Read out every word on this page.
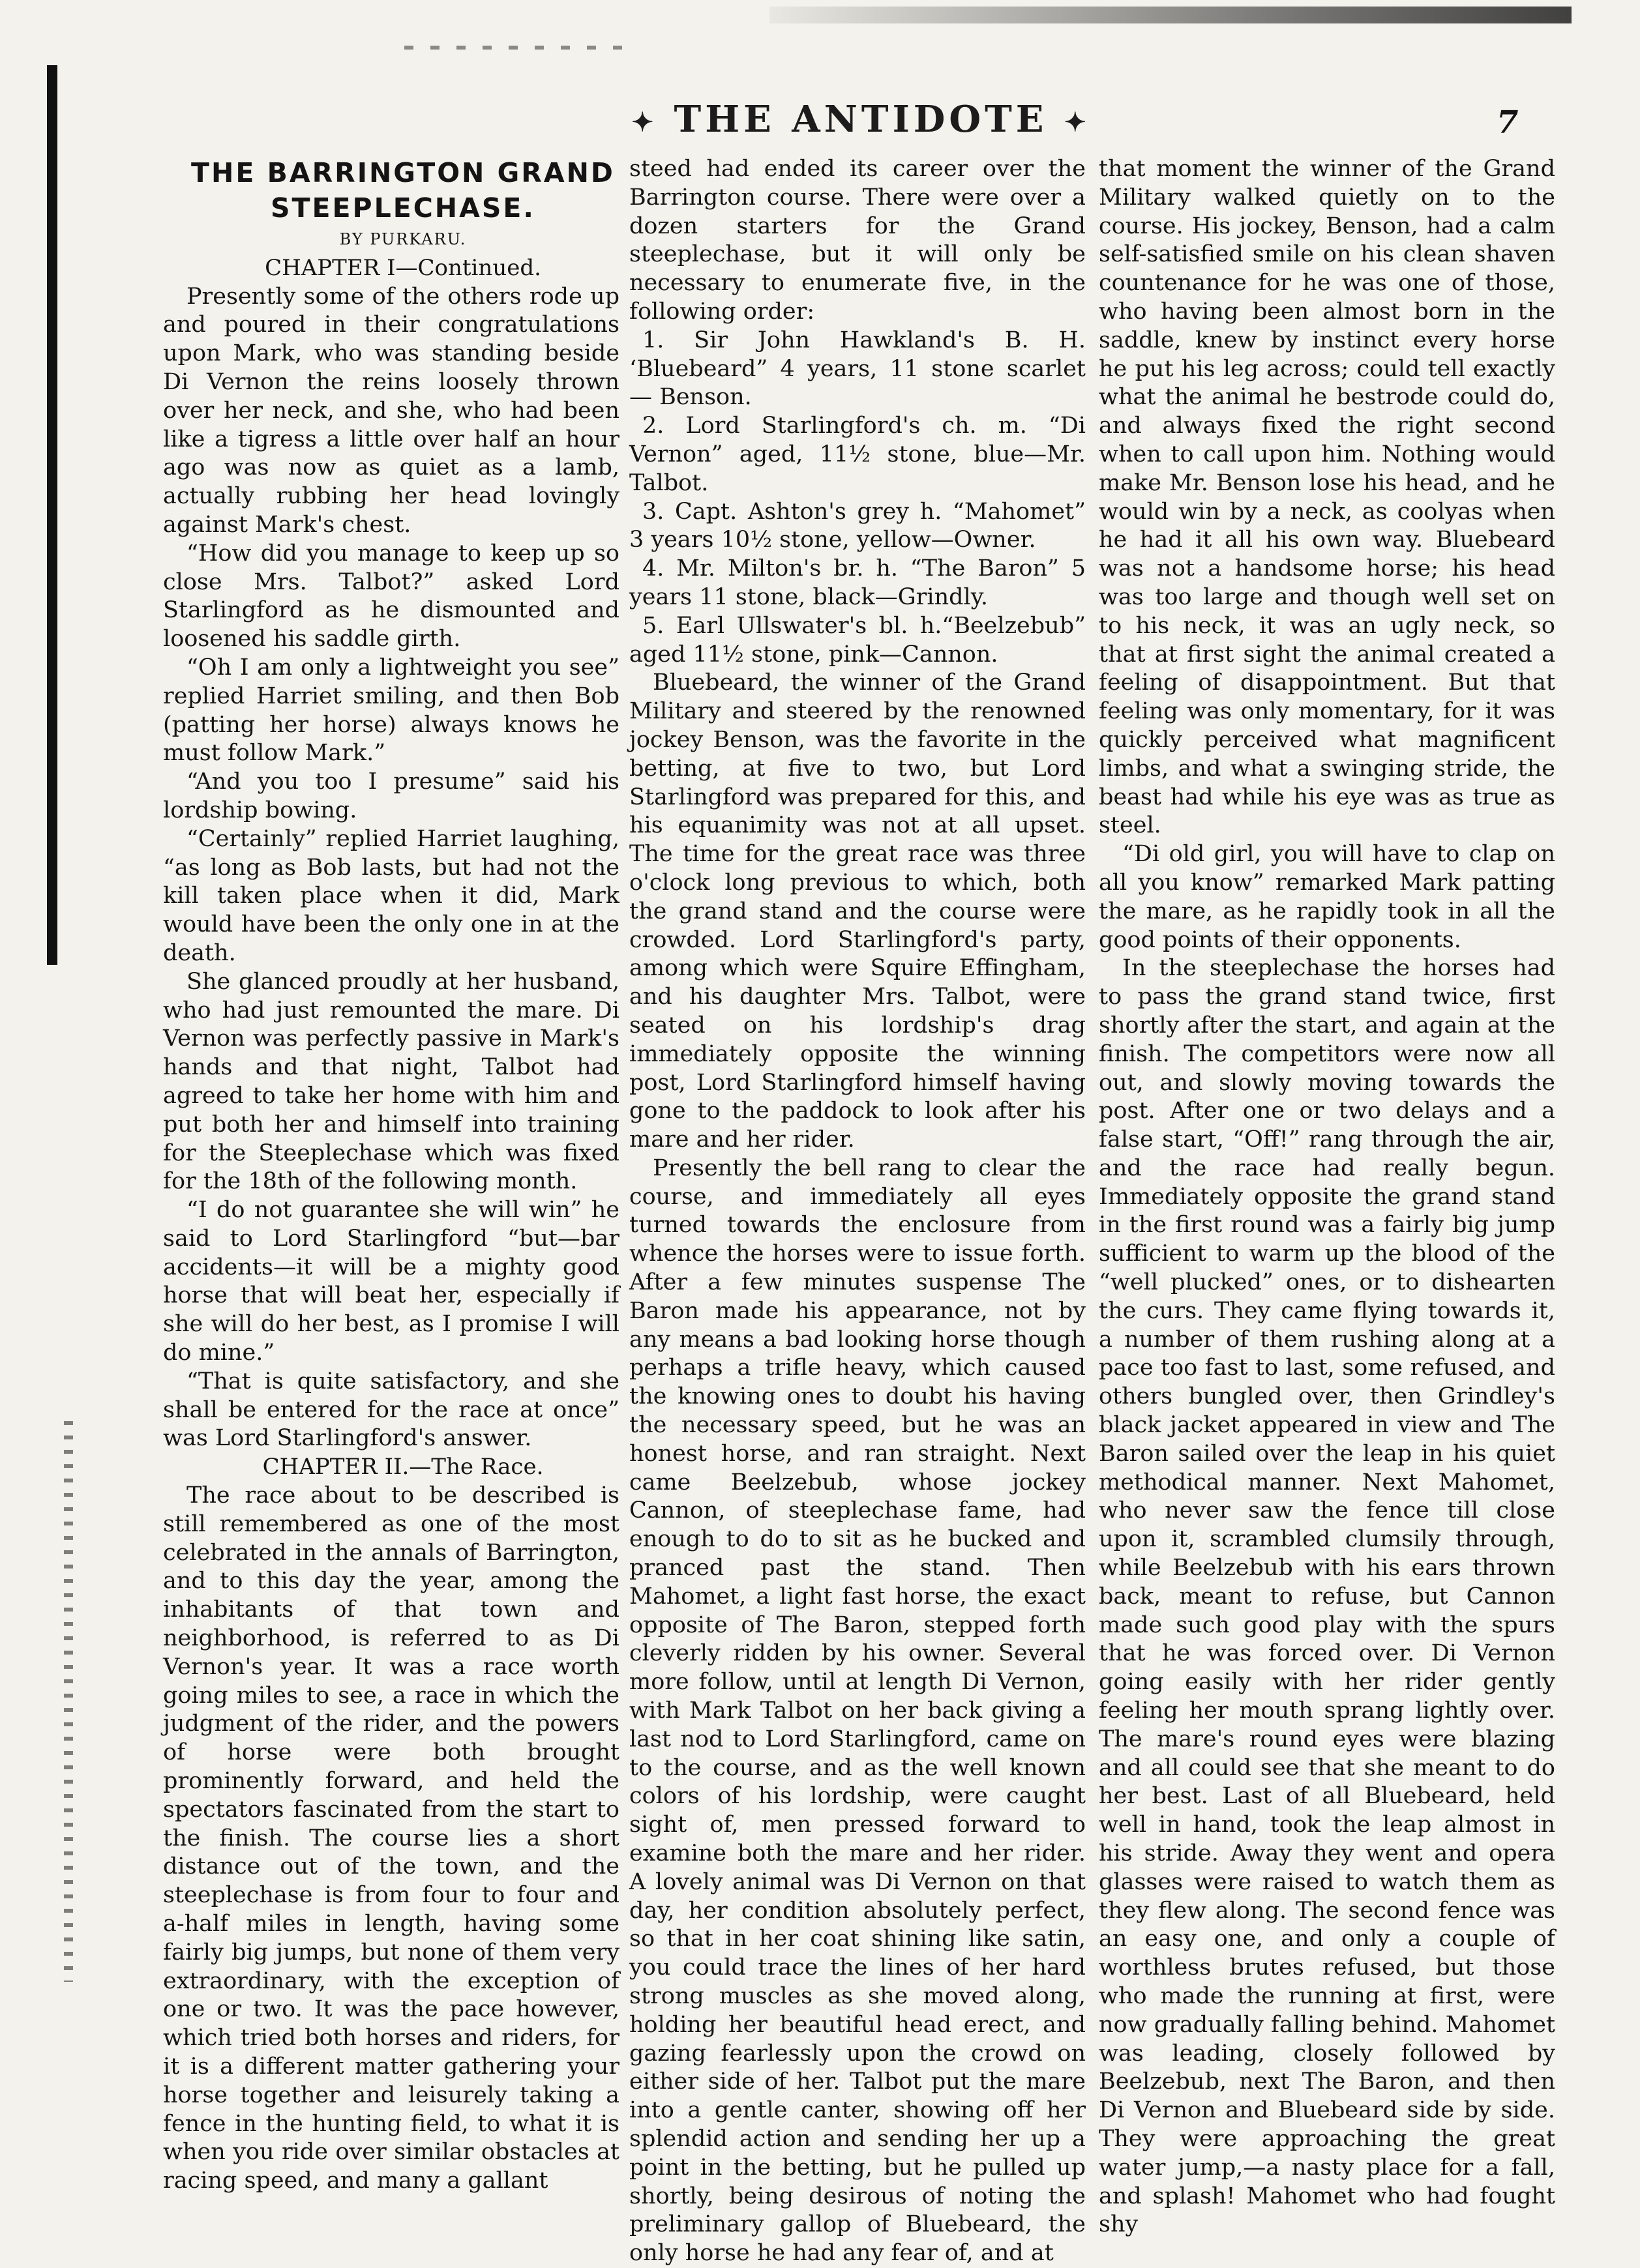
✦ THE ANTIDOTE ✦	7

THE BARRINGTON GRAND

STEEPLECHASE.

BY PURKARU.

CHAPTER I—Continued.

Presently some of the others rode up and poured in their congratulations upon Mark, who was standing beside Di Vernon the reins loosely thrown over her neck, and she, who had been like a tigress a little over half an hour ago was now as quiet as a lamb, actually rubbing her head lovingly against Mark's chest.

“How did you manage to keep up so close Mrs. Talbot?” asked Lord Starlingford as he dismounted and loosened his saddle girth.

“Oh I am only a lightweight you see” replied Harriet smiling, and then Bob (patting her horse) always knows he must follow Mark.”

“And you too I presume” said his lordship bowing.

“Certainly” replied Harriet laughing, “as long as Bob lasts, but had not the kill taken place when it did, Mark would have been the only one in at the death.

She glanced proudly at her husband, who had just remounted the mare. Di Vernon was perfectly passive in Mark's hands and that night, Talbot had agreed to take her home with him and put both her and himself into training for the Steeplechase which was fixed for the 18th of the following month.

“I do not guarantee she will win” he said to Lord Starlingford “but—bar accidents—it will be a mighty good horse that will beat her, especially if she will do her best, as I promise I will do mine.”

“That is quite satisfactory, and she shall be entered for the race at once” was Lord Starlingford's answer.

CHAPTER II.—The Race.

The race about to be described is still remembered as one of the most celebrated in the annals of Barrington, and to this day the year, among the inhabitants of that town and neighborhood, is referred to as Di Vernon's year. It was a race worth going miles to see, a race in which the judgment of the rider, and the powers of horse were both brought prominently forward, and held the spectators fascinated from the start to the finish. The course lies a short distance out of the town, and the steeplechase is from four to four and a-half miles in length, having some fairly big jumps, but none of them very extraordinary, with the exception of one or two. It was the pace however, which tried both horses and riders, for it is a different matter gathering your horse together and leisurely taking a fence in the hunting field, to what it is when you ride over similar obstacles at racing speed, and many a gallant

steed had ended its career over the Barrington course. There were over a dozen starters for the Grand steeplechase, but it will only be necessary to enumerate five, in the following order:

1. Sir John Hawkland's B. H. ‘Bluebeard” 4 years, 11 stone scarlet — Benson.

2. Lord Starlingford's ch. m. “Di Vernon” aged, 11½ stone, blue—Mr. Talbot.

3. Capt. Ashton's grey h. “Mahomet” 3 years 10½ stone, yellow—Owner.

4. Mr. Milton's br. h. “The Baron” 5 years 11 stone, black—Grindly.

5. Earl Ullswater's bl. h.“Beelzebub” aged 11½ stone, pink—Cannon.

Bluebeard, the winner of the Grand Military and steered by the renowned jockey Benson, was the favorite in the betting, at five to two, but Lord Starlingford was prepared for this, and his equanimity was not at all upset. The time for the great race was three o'clock long previous to which, both the grand stand and the course were crowded. Lord Starlingford's party, among which were Squire Effingham, and his daughter Mrs. Talbot, were seated on his lordship's drag immediately opposite the winning post, Lord Starlingford himself having gone to the paddock to look after his mare and her rider.

Presently the bell rang to clear the course, and immediately all eyes turned towards the enclosure from whence the horses were to issue forth. After a few minutes suspense The Baron made his appearance, not by any means a bad looking horse though perhaps a trifle heavy, which caused the knowing ones to doubt his having the necessary speed, but he was an honest horse, and ran straight. Next came Beelzebub, whose jockey Cannon, of steeplechase fame, had enough to do to sit as he bucked and pranced past the stand. Then Mahomet, a light fast horse, the exact opposite of The Baron, stepped forth cleverly ridden by his owner. Several more follow, until at length Di Vernon, with Mark Talbot on her back giving a last nod to Lord Starlingford, came on to the course, and as the well known colors of his lordship, were caught sight of, men pressed forward to examine both the mare and her rider. A lovely animal was Di Vernon on that day, her condition absolutely perfect, so that in her coat shining like satin, you could trace the lines of her hard strong muscles as she moved along, holding her beautiful head erect, and gazing fearlessly upon the crowd on either side of her. Talbot put the mare into a gentle canter, showing off her splendid action and sending her up a point in the betting, but he pulled up shortly, being desirous of noting the preliminary gallop of Bluebeard, the only horse he had any fear of, and at

that moment the winner of the Grand Military walked quietly on to the course. His jockey, Benson, had a calm self-satisfied smile on his clean shaven countenance for he was one of those, who having been almost born in the saddle, knew by instinct every horse he put his leg across; could tell exactly what the animal he bestrode could do, and always fixed the right second when to call upon him. Nothing would make Mr. Benson lose his head, and he would win by a neck, as coolyas when he had it all his own way. Bluebeard was not a handsome horse; his head was too large and though well set on to his neck, it was an ugly neck, so that at first sight the animal created a feeling of disappointment. But that feeling was only momentary, for it was quickly perceived what magnificent limbs, and what a swinging stride, the beast had while his eye was as true as steel.

“Di old girl, you will have to clap on all you know” remarked Mark patting the mare, as he rapidly took in all the good points of their opponents.

In the steeplechase the horses had to pass the grand stand twice, first shortly after the start, and again at the finish. The competitors were now all out, and slowly moving towards the post. After one or two delays and a false start, “Off!” rang through the air, and the race had really begun. Immediately opposite the grand stand in the first round was a fairly big jump sufficient to warm up the blood of the “well plucked” ones, or to dishearten the curs. They came flying towards it, a number of them rushing along at a pace too fast to last, some refused, and others bungled over, then Grindley's black jacket appeared in view and The Baron sailed over the leap in his quiet methodical manner. Next Mahomet, who never saw the fence till close upon it, scrambled clumsily through, while Beelzebub with his ears thrown back, meant to refuse, but Cannon made such good play with the spurs that he was forced over. Di Vernon going easily with her rider gently feeling her mouth sprang lightly over. The mare's round eyes were blazing and all could see that she meant to do her best. Last of all Bluebeard, held well in hand, took the leap almost in his stride. Away they went and opera glasses were raised to watch them as they flew along. The second fence was an easy one, and only a couple of worthless brutes refused, but those who made the running at first, were now gradually falling behind. Mahomet was leading, closely followed by Beelzebub, next The Baron, and then Di Vernon and Bluebeard side by side. They were approaching the great water jump,—a nasty place for a fall, and splash! Mahomet who had fought shy
